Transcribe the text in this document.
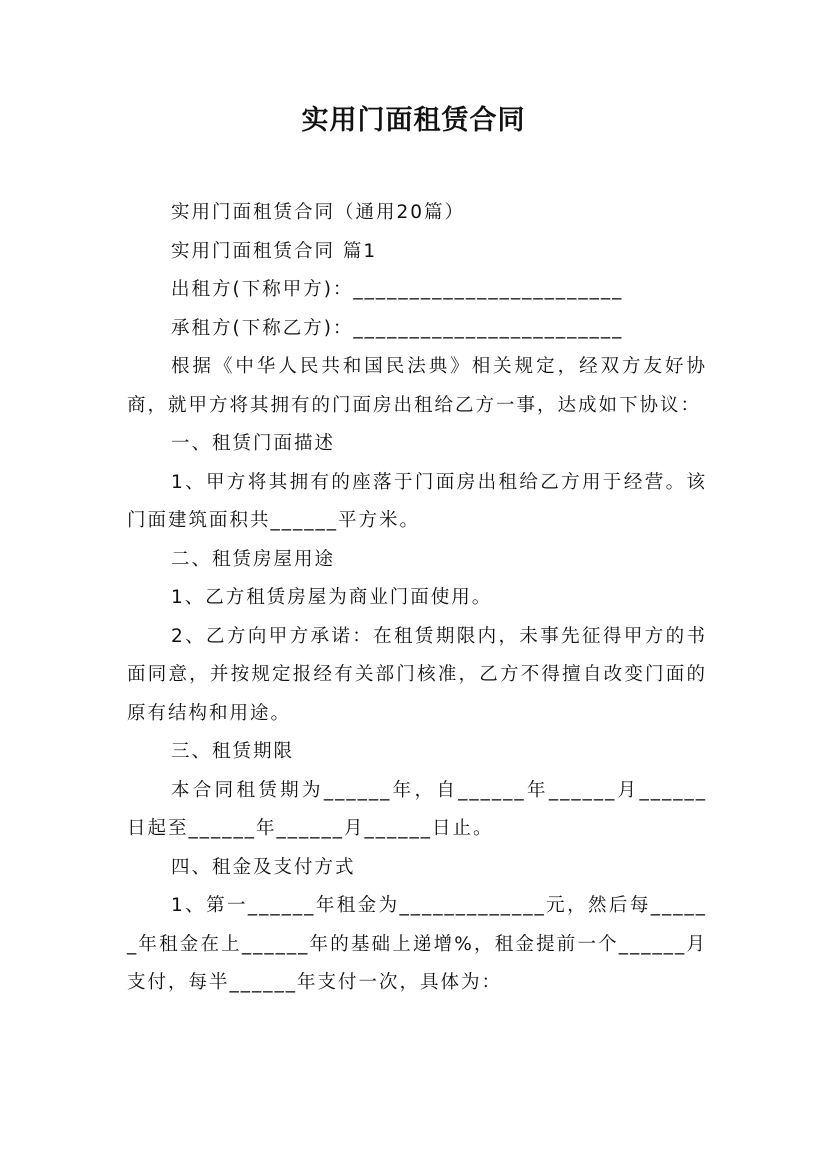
实用门面租赁合同

实用门面租赁合同（通用20篇）

实用门面租赁合同 篇1

出租方(下称甲方)：________________________

承租方(下称乙方)：________________________

根据《中华人民共和国民法典》相关规定，经双方友好协商，就甲方将其拥有的门面房出租给乙方一事，达成如下协议：

一、租赁门面描述

1、甲方将其拥有的座落于门面房出租给乙方用于经营。该门面建筑面积共______平方米。

二、租赁房屋用途

1、乙方租赁房屋为商业门面使用。

2、乙方向甲方承诺：在租赁期限内，未事先征得甲方的书面同意，并按规定报经有关部门核准，乙方不得擅自改变门面的原有结构和用途。

三、租赁期限

本合同租赁期为______年，自______年______月______日起至______年______月______日止。

四、租金及支付方式

1、第一______年租金为_____________元，然后每______年租金在上______年的基础上递增%，租金提前一个______月支付，每半______年支付一次，具体为：
